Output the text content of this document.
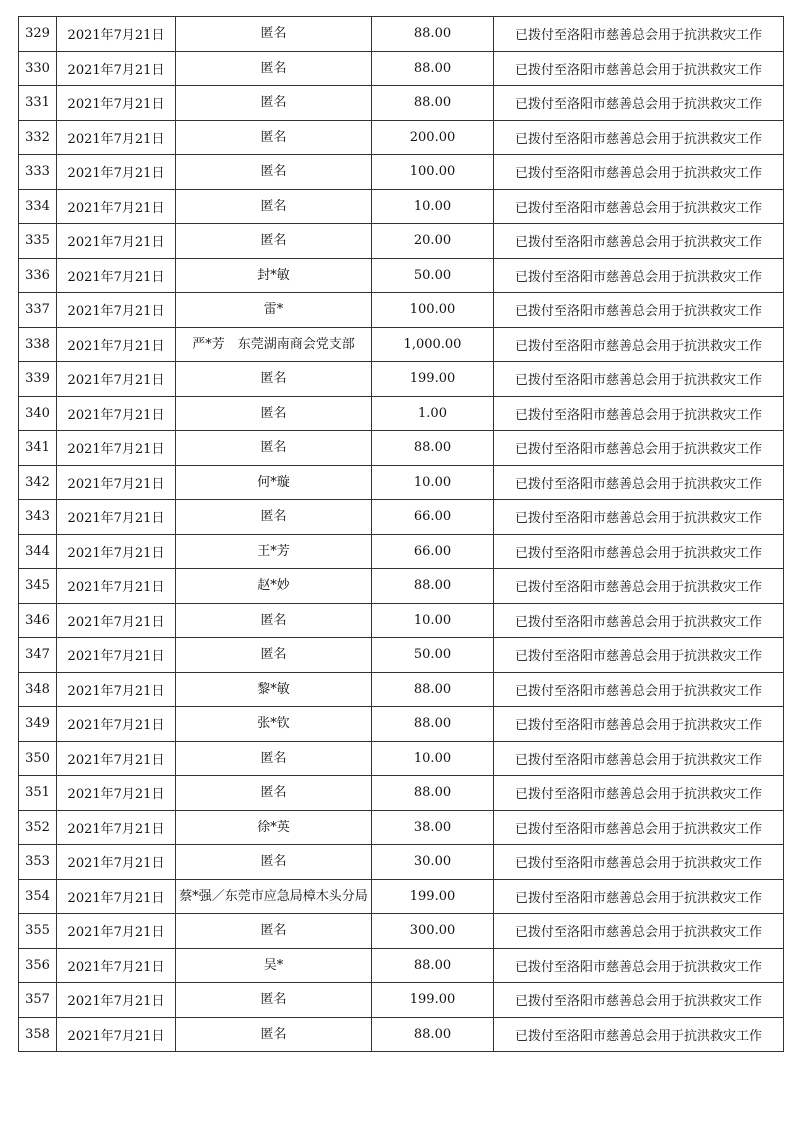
329	2021年7月21日	匿名	88.00	已拨付至洛阳市慈善总会用于抗洪救灾工作
330	2021年7月21日	匿名	88.00	已拨付至洛阳市慈善总会用于抗洪救灾工作
331	2021年7月21日	匿名	88.00	已拨付至洛阳市慈善总会用于抗洪救灾工作
332	2021年7月21日	匿名	200.00	已拨付至洛阳市慈善总会用于抗洪救灾工作
333	2021年7月21日	匿名	100.00	已拨付至洛阳市慈善总会用于抗洪救灾工作
334	2021年7月21日	匿名	10.00	已拨付至洛阳市慈善总会用于抗洪救灾工作
335	2021年7月21日	匿名	20.00	已拨付至洛阳市慈善总会用于抗洪救灾工作
336	2021年7月21日	封*敏	50.00	已拨付至洛阳市慈善总会用于抗洪救灾工作
337	2021年7月21日	雷*	100.00	已拨付至洛阳市慈善总会用于抗洪救灾工作
338	2021年7月21日	严*芳　东莞湖南商会党支部	1,000.00	已拨付至洛阳市慈善总会用于抗洪救灾工作
339	2021年7月21日	匿名	199.00	已拨付至洛阳市慈善总会用于抗洪救灾工作
340	2021年7月21日	匿名	1.00	已拨付至洛阳市慈善总会用于抗洪救灾工作
341	2021年7月21日	匿名	88.00	已拨付至洛阳市慈善总会用于抗洪救灾工作
342	2021年7月21日	何*璇	10.00	已拨付至洛阳市慈善总会用于抗洪救灾工作
343	2021年7月21日	匿名	66.00	已拨付至洛阳市慈善总会用于抗洪救灾工作
344	2021年7月21日	王*芳	66.00	已拨付至洛阳市慈善总会用于抗洪救灾工作
345	2021年7月21日	赵*妙	88.00	已拨付至洛阳市慈善总会用于抗洪救灾工作
346	2021年7月21日	匿名	10.00	已拨付至洛阳市慈善总会用于抗洪救灾工作
347	2021年7月21日	匿名	50.00	已拨付至洛阳市慈善总会用于抗洪救灾工作
348	2021年7月21日	黎*敏	88.00	已拨付至洛阳市慈善总会用于抗洪救灾工作
349	2021年7月21日	张*钦	88.00	已拨付至洛阳市慈善总会用于抗洪救灾工作
350	2021年7月21日	匿名	10.00	已拨付至洛阳市慈善总会用于抗洪救灾工作
351	2021年7月21日	匿名	88.00	已拨付至洛阳市慈善总会用于抗洪救灾工作
352	2021年7月21日	徐*英	38.00	已拨付至洛阳市慈善总会用于抗洪救灾工作
353	2021年7月21日	匿名	30.00	已拨付至洛阳市慈善总会用于抗洪救灾工作
354	2021年7月21日	蔡*强／东莞市应急局樟木头分局	199.00	已拨付至洛阳市慈善总会用于抗洪救灾工作
355	2021年7月21日	匿名	300.00	已拨付至洛阳市慈善总会用于抗洪救灾工作
356	2021年7月21日	吴*	88.00	已拨付至洛阳市慈善总会用于抗洪救灾工作
357	2021年7月21日	匿名	199.00	已拨付至洛阳市慈善总会用于抗洪救灾工作
358	2021年7月21日	匿名	88.00	已拨付至洛阳市慈善总会用于抗洪救灾工作
